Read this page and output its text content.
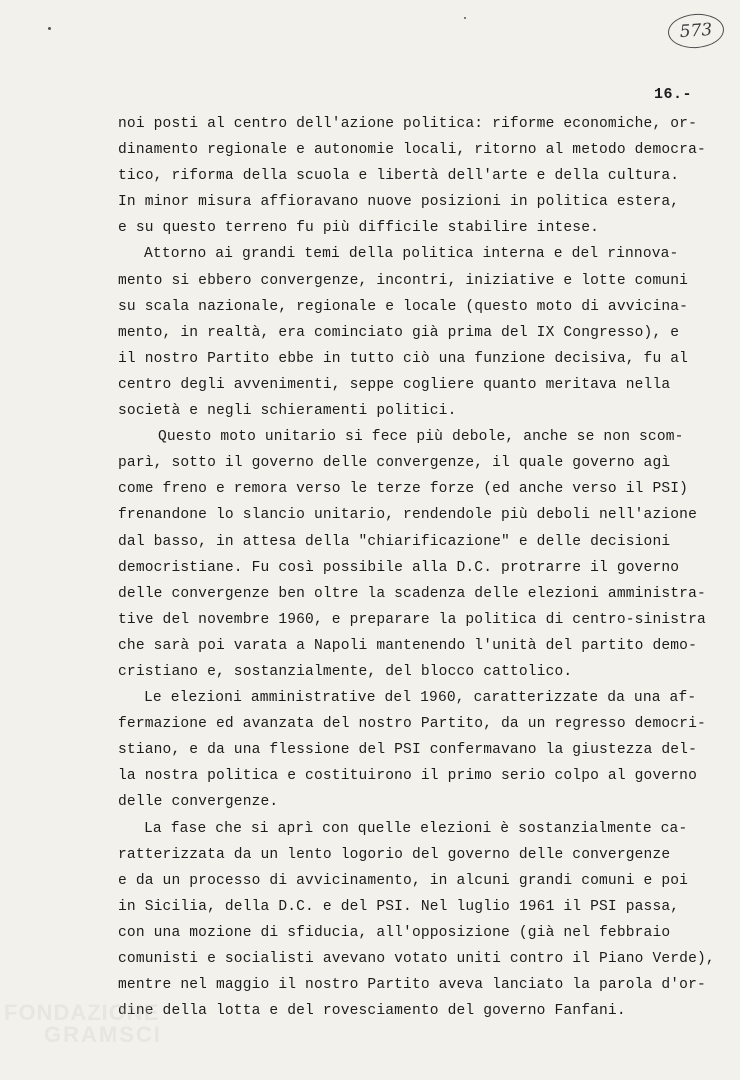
573
16.-
noi posti al centro dell'azione politica: riforme economiche, or-
dinamento regionale e autonomie locali, ritorno al metodo democra-
tico, riforma della scuola e libertà dell'arte e della cultura.
In minor misura affioravano nuove posizioni in politica estera,
e su questo terreno fu più difficile stabilire intese.
Attorno ai grandi temi della politica interna e del rinnova-
mento si ebbero convergenze, incontri, iniziative e lotte comuni
su scala nazionale, regionale e locale (questo moto di avvicina-
mento, in realtà, era cominciato già prima del IX Congresso), e
il nostro Partito ebbe in tutto ciò una funzione decisiva, fu al
centro degli avvenimenti, seppe cogliere quanto meritava nella
società e negli schieramenti politici.
Questo moto unitario si fece più debole, anche se non scom-
parì, sotto il governo delle convergenze, il quale governo agì
come freno e remora verso le terze forze (ed anche verso il PSI)
frenandone lo slancio unitario, rendendole più deboli nell'azione
dal basso, in attesa della "chiarificazione" e delle decisioni
democristiane. Fu così possibile alla D.C. protrarre il governo
delle convergenze ben oltre la scadenza delle elezioni amministra-
tive del novembre 1960, e preparare la politica di centro-sinistra
che sarà poi varata a Napoli mantenendo l'unità del partito demo-
cristiano e, sostanzialmente, del blocco cattolico.
Le elezioni amministrative del 1960, caratterizzate da una af-
fermazione ed avanzata del nostro Partito, da un regresso democri-
stiano, e da una flessione del PSI confermavano la giustezza del-
la nostra politica e costituirono il primo serio colpo al governo
delle convergenze.
La fase che si aprì con quelle elezioni è sostanzialmente ca-
ratterizzata da un lento logorio del governo delle convergenze
e da un processo di avvicinamento, in alcuni grandi comuni e poi
in Sicilia, della D.C. e del PSI. Nel luglio 1961 il PSI passa,
con una mozione di sfiducia, all'opposizione (già nel febbraio
comunisti e socialisti avevano votato uniti contro il Piano Verde),
mentre nel maggio il nostro Partito aveva lanciato la parola d'or-
dine della lotta e del rovesciamento del governo Fanfani.
FONDAZIONE
GRAMSCI
